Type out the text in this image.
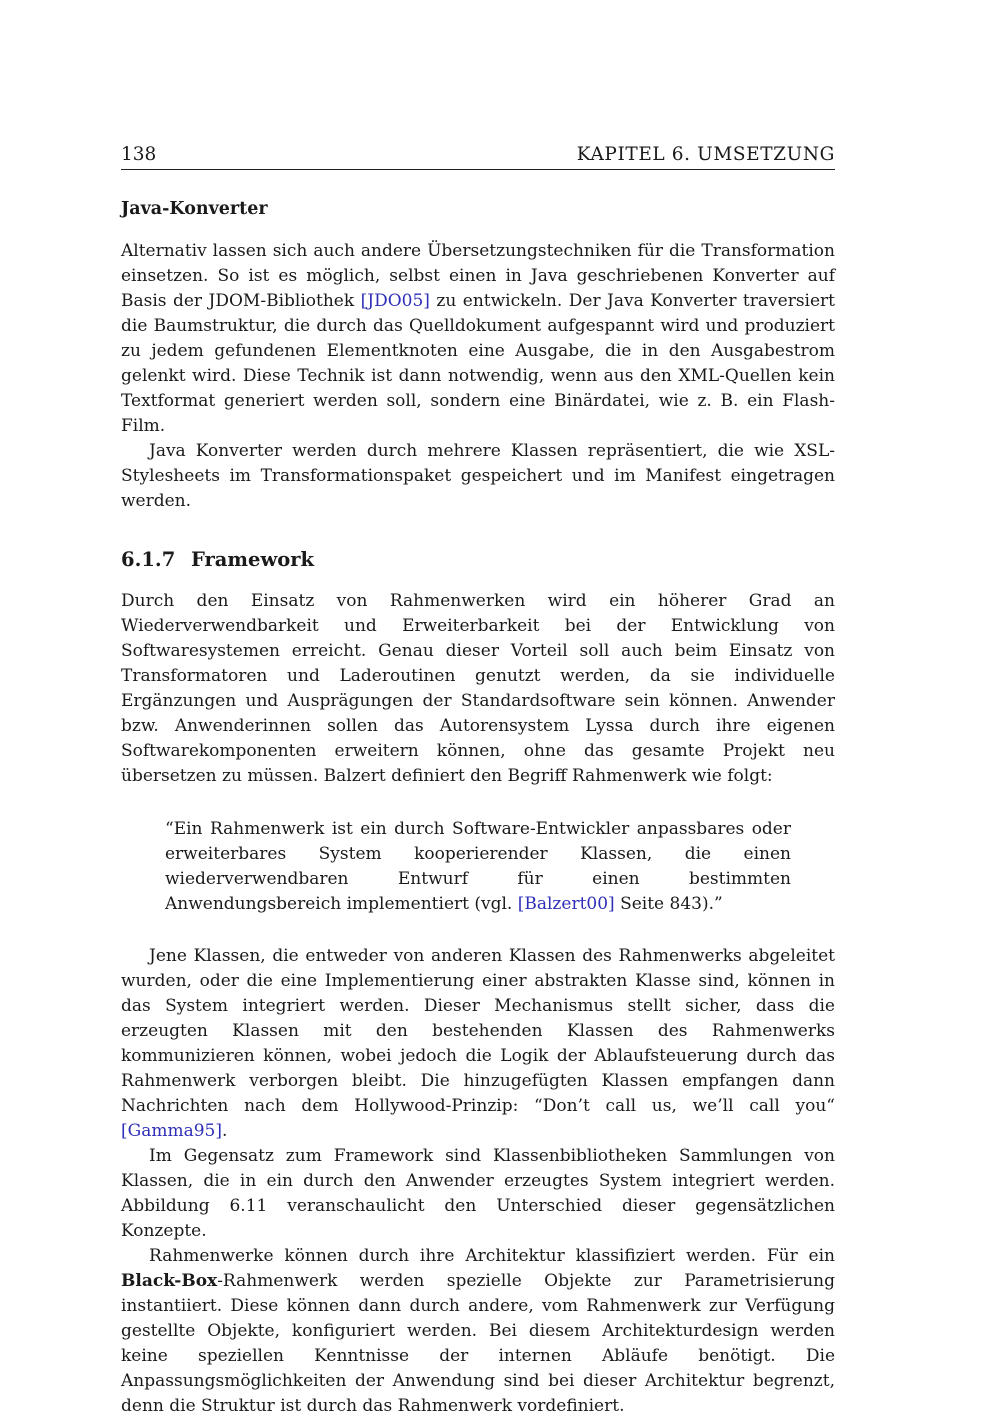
138	KAPITEL 6. UMSETZUNG
Java-Konverter

Alternativ lassen sich auch andere Übersetzungstechniken für die Transformation einsetzen. So ist es möglich, selbst einen in Java geschriebenen Konverter auf Basis der JDOM-Bibliothek [JDO05] zu entwickeln. Der Java Konverter traversiert die Baumstruktur, die durch das Quelldokument aufgespannt wird und produziert zu jedem gefundenen Elementknoten eine Ausgabe, die in den Ausgabestrom gelenkt wird. Diese Technik ist dann notwendig, wenn aus den XML-Quellen kein Textformat generiert werden soll, sondern eine Binärdatei, wie z. B. ein Flash-Film.

Java Konverter werden durch mehrere Klassen repräsentiert, die wie XSL-Stylesheets im Transformationspaket gespeichert und im Manifest eingetragen werden.

6.1.7 Framework

Durch den Einsatz von Rahmenwerken wird ein höherer Grad an Wiederverwendbarkeit und Erweiterbarkeit bei der Entwicklung von Softwaresystemen erreicht. Genau dieser Vorteil soll auch beim Einsatz von Transformatoren und Laderoutinen genutzt werden, da sie individuelle Ergänzungen und Ausprägungen der Standardsoftware sein können. Anwender bzw. Anwenderinnen sollen das Autorensystem Lyssa durch ihre eigenen Softwarekomponenten erweitern können, ohne das gesamte Projekt neu übersetzen zu müssen. Balzert definiert den Begriff Rahmenwerk wie folgt:

“Ein Rahmenwerk ist ein durch Software-Entwickler anpassbares oder erweiterbares System kooperierender Klassen, die einen wiederverwendbaren Entwurf für einen bestimmten Anwendungsbereich implementiert (vgl. [Balzert00] Seite 843).”

Jene Klassen, die entweder von anderen Klassen des Rahmenwerks abgeleitet wurden, oder die eine Implementierung einer abstrakten Klasse sind, können in das System integriert werden. Dieser Mechanismus stellt sicher, dass die erzeugten Klassen mit den bestehenden Klassen des Rahmenwerks kommunizieren können, wobei jedoch die Logik der Ablaufsteuerung durch das Rahmenwerk verborgen bleibt. Die hinzugefügten Klassen empfangen dann Nachrichten nach dem Hollywood-Prinzip: “Don’t call us, we’ll call you“ [Gamma95].

Im Gegensatz zum Framework sind Klassenbibliotheken Sammlungen von Klassen, die in ein durch den Anwender erzeugtes System integriert werden. Abbildung 6.11 veranschaulicht den Unterschied dieser gegensätzlichen Konzepte.

Rahmenwerke können durch ihre Architektur klassifiziert werden. Für ein Black-Box-Rahmenwerk werden spezielle Objekte zur Parametrisierung instantiiert. Diese können dann durch andere, vom Rahmenwerk zur Verfügung gestellte Objekte, konfiguriert werden. Bei diesem Architekturdesign werden keine speziellen Kenntnisse der internen Abläufe benötigt. Die Anpassungsmöglichkeiten der Anwendung sind bei dieser Architektur begrenzt, denn die Struktur ist durch das Rahmenwerk vordefiniert.
